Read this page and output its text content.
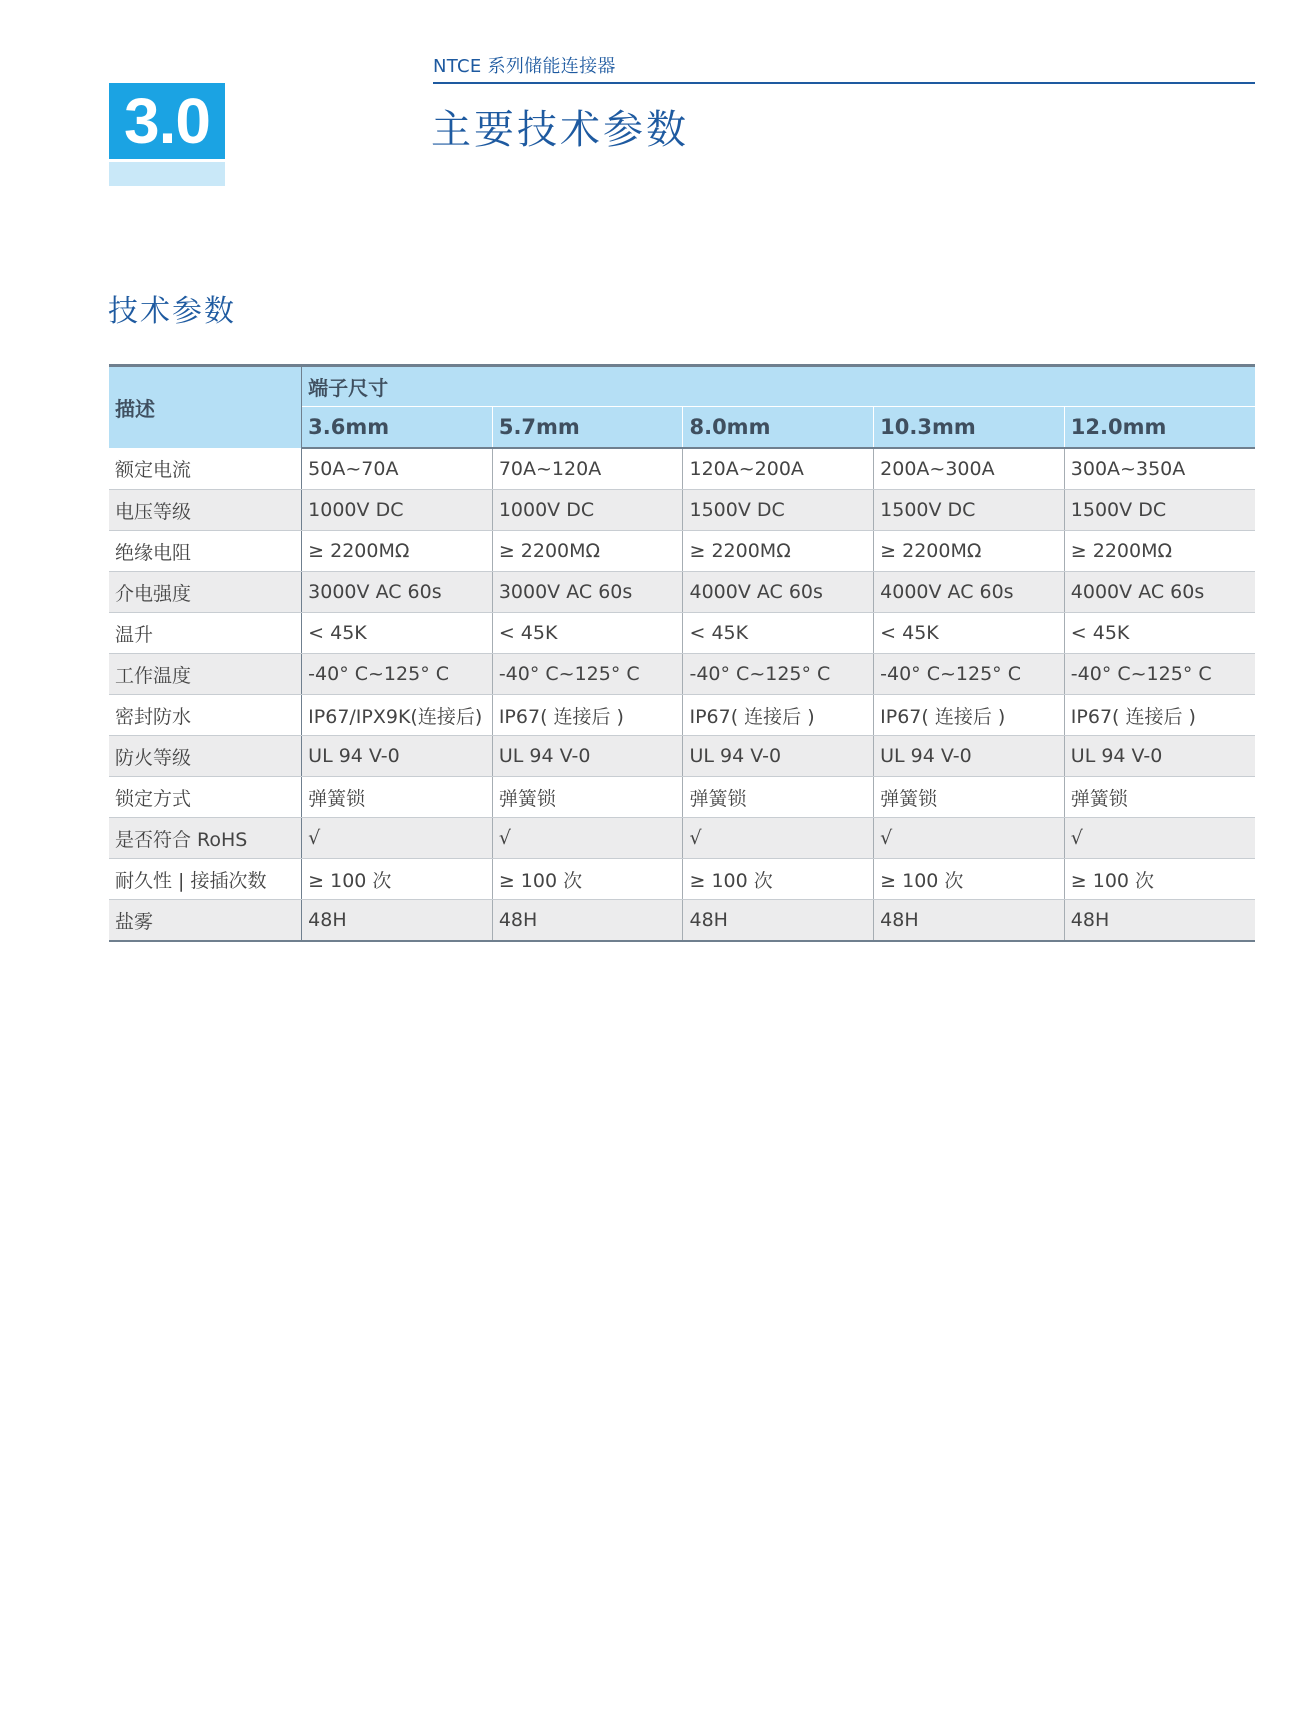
NTCE 系列储能连接器
3.0	主要技术参数
技术参数
描述	端子尺寸				
	3.6mm	5.7mm	8.0mm	10.3mm	12.0mm
额定电流	50A~70A	70A~120A	120A~200A	200A~300A	300A~350A
电压等级	1000V DC	1000V DC	1500V DC	1500V DC	1500V DC
绝缘电阻	≥ 2200MΩ	≥ 2200MΩ	≥ 2200MΩ	≥ 2200MΩ	≥ 2200MΩ
介电强度	3000V AC 60s	3000V AC 60s	4000V AC 60s	4000V AC 60s	4000V AC 60s
温升	< 45K	< 45K	< 45K	< 45K	< 45K
工作温度	-40° C~125° C	-40° C~125° C	-40° C~125° C	-40° C~125° C	-40° C~125° C
密封防水	IP67/IPX9K(连接后)	IP67( 连接后 )	IP67( 连接后 )	IP67( 连接后 )	IP67( 连接后 )
防火等级	UL 94 V-0	UL 94 V-0	UL 94 V-0	UL 94 V-0	UL 94 V-0
锁定方式	弹簧锁	弹簧锁	弹簧锁	弹簧锁	弹簧锁
是否符合 RoHS	√	√	√	√	√
耐久性 | 接插次数	≥ 100 次	≥ 100 次	≥ 100 次	≥ 100 次	≥ 100 次
盐雾	48H	48H	48H	48H	48H
